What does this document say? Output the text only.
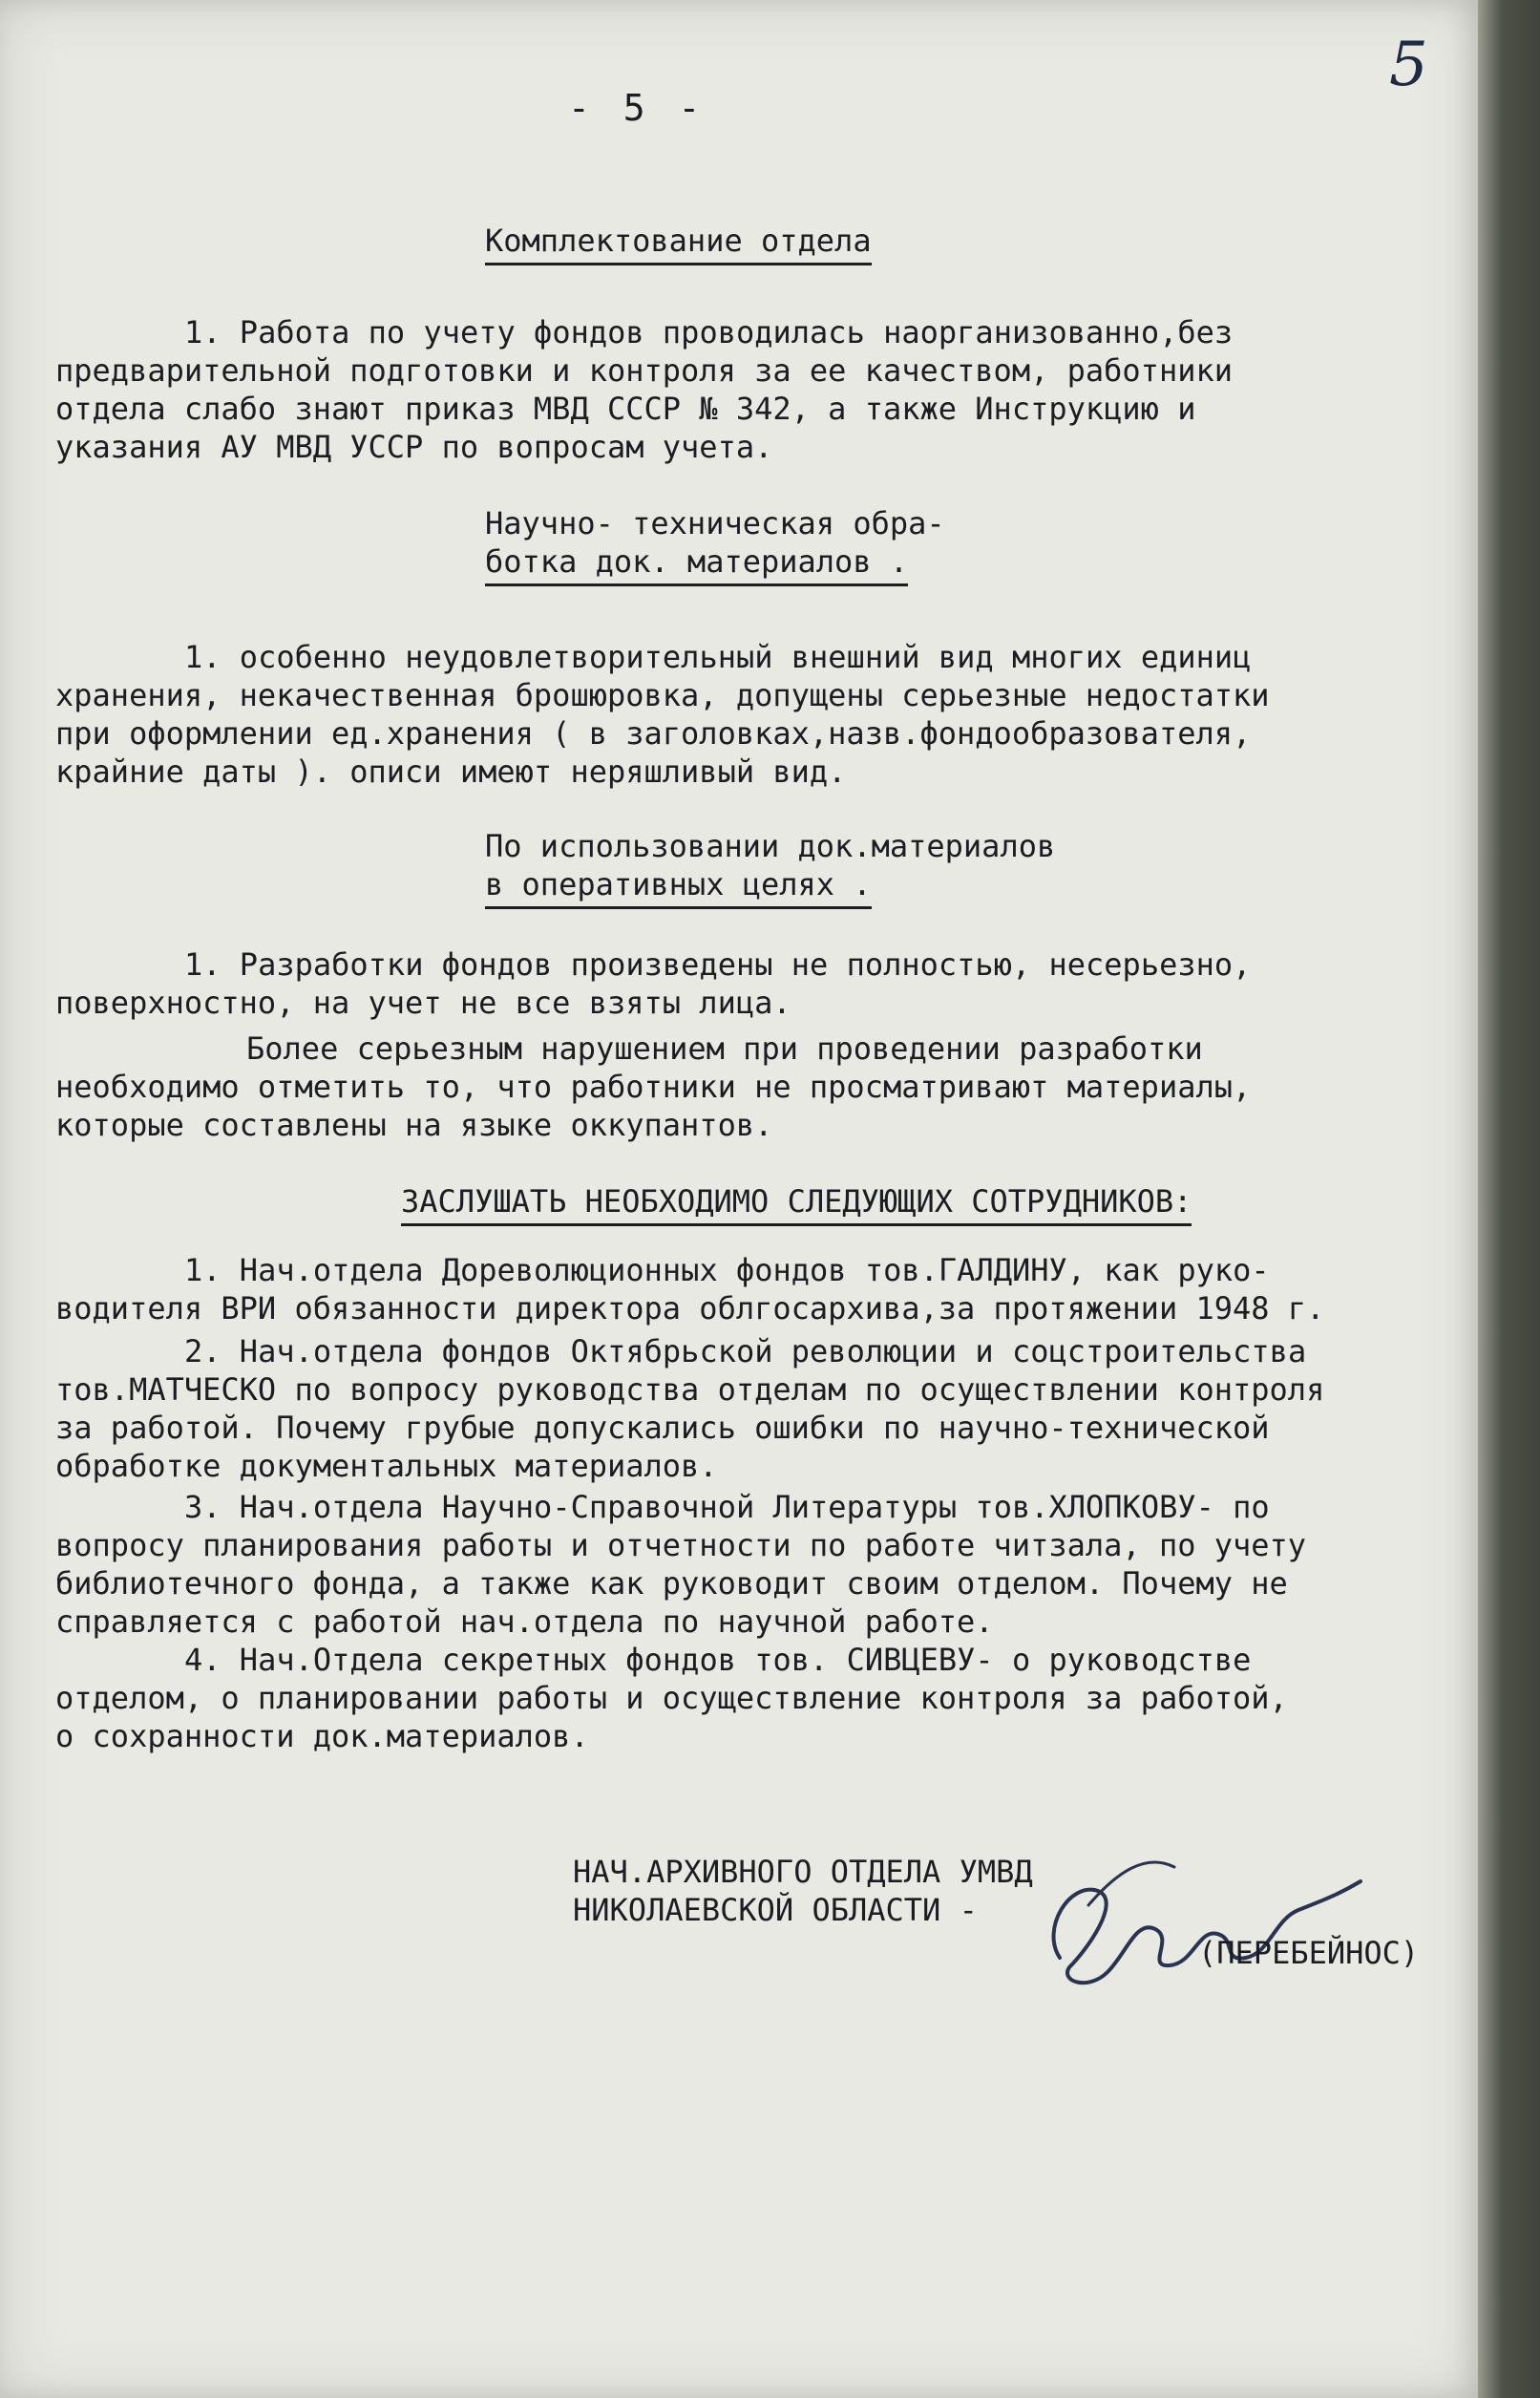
5
- 5 -
Комплектование отдела
1. Работа по учету фондов проводилась наорганизованно,без
предварительной подготовки и контроля за ее качеством, работники
отдела слабо знают приказ МВД СССР № 342, а также Инструкцию и
указания АУ МВД УССР по вопросам учета.
Научно- техническая обра-
ботка док. материалов .
1. особенно неудовлетворительный внешний вид многих единиц
хранения, некачественная брошюровка, допущены серьезные недостатки
при оформлении ед.хранения ( в заголовках,назв.фондообразователя,
крайние даты ). описи имеют неряшливый вид.
По использовании док.материалов
в оперативных целях .
1. Разработки фондов произведены не полностью, несерьезно,
поверхностно, на учет не все взяты лица.
Более серьезным нарушением при проведении разработки
необходимо отметить то, что работники не просматривают материалы,
которые составлены на языке оккупантов.
ЗАСЛУШАТЬ НЕОБХОДИМО СЛЕДУЮЩИХ СОТРУДНИКОВ:
1. Нач.отдела Дореволюционных фондов тов.ГАЛДИНУ, как руко-
водителя ВРИ обязанности директора облгосархива,за протяжении 1948 г.
2. Нач.отдела фондов Октябрьской революции и соцстроительства
тов.МАТЧЕСКО по вопросу руководства отделам по осуществлении контроля
за работой. Почему грубые допускались ошибки по научно-технической
обработке документальных материалов.
3. Нач.отдела Научно-Справочной Литературы тов.ХЛОПКОВУ- по
вопросу планирования работы и отчетности по работе читзала, по учету
библиотечного фонда, а также как руководит своим отделом. Почему не
справляется с работой нач.отдела по научной работе.
4. Нач.Отдела секретных фондов тов. СИВЦЕВУ- о руководстве
отделом, о планировании работы и осуществление контроля за работой,
о сохранности док.материалов.
НАЧ.АРХИВНОГО ОТДЕЛА УМВД
НИКОЛАЕВСКОЙ ОБЛАСТИ -
(ПЕРЕБЕЙНОС)
